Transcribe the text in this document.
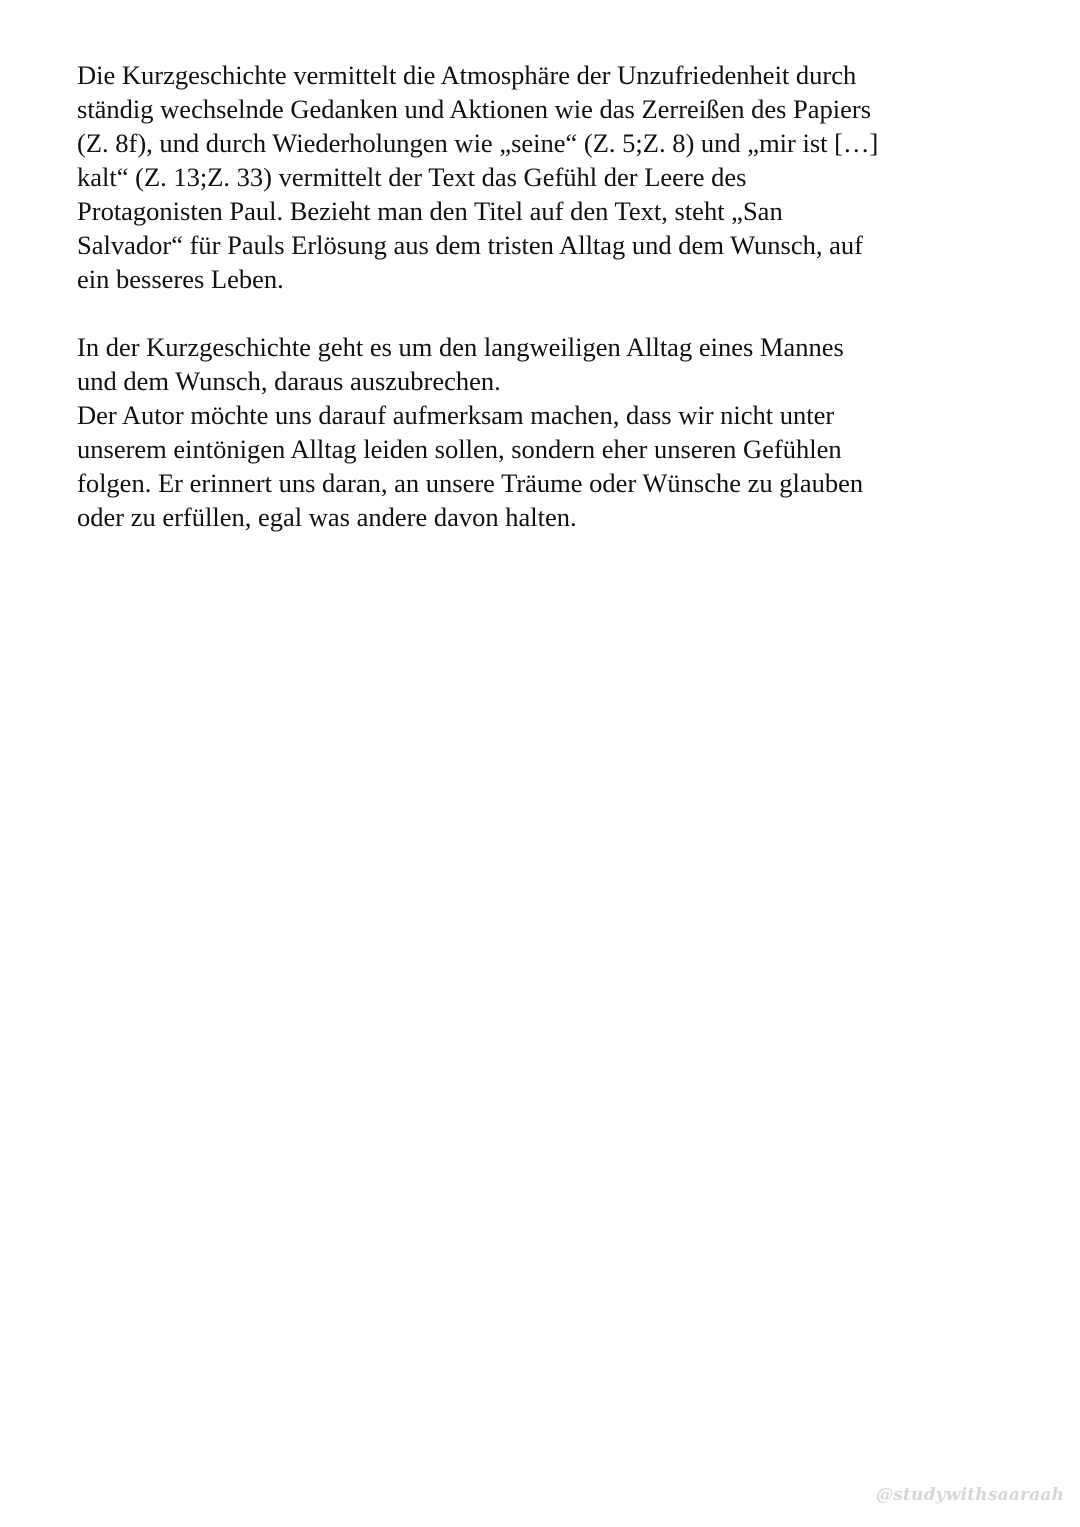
Die Kurzgeschichte vermittelt die Atmosphäre der Unzufriedenheit durch
ständig wechselnde Gedanken und Aktionen wie das Zerreißen des Papiers
(Z. 8f), und durch Wiederholungen wie „seine“ (Z. 5;Z. 8) und „mir ist […]
kalt“ (Z. 13;Z. 33) vermittelt der Text das Gefühl der Leere des
Protagonisten Paul. Bezieht man den Titel auf den Text, steht „San
Salvador“ für Pauls Erlösung aus dem tristen Alltag und dem Wunsch, auf
ein besseres Leben.

In der Kurzgeschichte geht es um den langweiligen Alltag eines Mannes
und dem Wunsch, daraus auszubrechen.
Der Autor möchte uns darauf aufmerksam machen, dass wir nicht unter
unserem eintönigen Alltag leiden sollen, sondern eher unseren Gefühlen
folgen. Er erinnert uns daran, an unsere Träume oder Wünsche zu glauben
oder zu erfüllen, egal was andere davon halten.

@studywithsaaraah
